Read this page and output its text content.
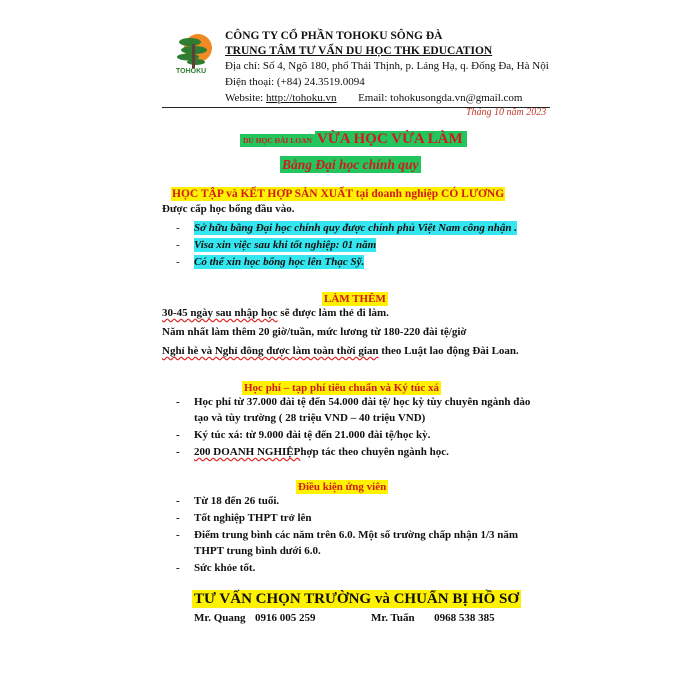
TOHOKU
CÔNG TY CỔ PHẦN TOHOKU SÔNG ĐÀ
TRUNG TÂM TƯ VẤN DU HỌC THK EDUCATION
Địa chỉ: Số 4, Ngõ 180, phố Thái Thịnh, p. Láng Hạ, q. Đống Đa, Hà Nội
Điện thoại: (+84) 24.3519.0094
Website: http://tohoku.vn Email: tohokusongda.vn@gmail.com
Tháng 10 năm 2023
DU HỌC ĐÀI LOAN VỪA HỌC VỪA LÀM
Bằng Đại học chính quy
HỌC TẬP và KẾT HỢP SẢN XUẤT tại doanh nghiệp CÓ LƯƠNG
Được cấp học bổng đầu vào.
-	Sở hữu bằng Đại học chính quy được chính phủ Việt Nam công nhận .
-	Visa xin việc sau khi tốt nghiệp: 01 năm
-	Có thể xin học bổng học lên Thạc Sỹ.
LÀM THÊM
30-45 ngày sau nhập học sẽ được làm thẻ đi làm.
Năm nhất làm thêm 20 giờ/tuần, mức lương từ 180-220 đài tệ/giờ
Nghỉ hè và Nghỉ đông được làm toàn thời gian theo Luật lao động Đài Loan.
Học phí – tạp phí tiêu chuẩn và Ký túc xá
-	Học phí từ 37.000 đài tệ đến 54.000 đài tệ/ học kỳ tùy chuyên ngành đào
tạo và tùy trường ( 28 triệu VND – 40 triệu VND)
-	Ký túc xá: từ 9.000 đài tệ đến 21.000 đài tệ/học kỳ.
-	200 DOANH NGHIỆP hợp tác theo chuyên ngành học.
Điều kiện ứng viên
-	Từ 18 đến 26 tuổi.
-	Tốt nghiệp THPT trở lên
-	Điểm trung bình các năm trên 6.0. Một số trường chấp nhận 1/3 năm
THPT trung bình dưới 6.0.
-	Sức khỏe tốt.
TƯ VẤN CHỌN TRƯỜNG và CHUẨN BỊ HỒ SƠ
Mr. Quang 0916 005 259	Mr. Tuấn 0968 538 385
